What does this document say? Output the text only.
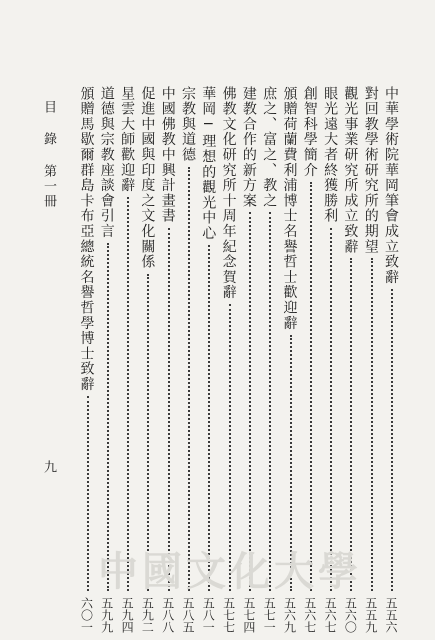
目 錄 第一冊
九
中華學術院華岡筆會成立致辭
五五六
對回教學術研究所的期望
五五九
觀光事業研究所成立致辭
五六〇
眼光遠大者終獲勝利
五六七
創智科學簡介
五六七
頒贈荷蘭費利浦博士名譽哲士歡迎辭
五六九
庶之、富之、教之
五七一
建教合作的新方案
五七四
佛教文化研究所十周年紀念賀辭
五七七
華岡─理想的觀光中心
五八一
宗教與道德
五八五
中國佛教中興計畫書
五八八
促進中國與印度之文化關係
五九二
星雲大師歡迎辭
五九四
道德與宗教座談會引言
五九九
頒贈馬歇爾群島卡布亞總統名譽哲學博士致辭
六〇一
中國文化大學
